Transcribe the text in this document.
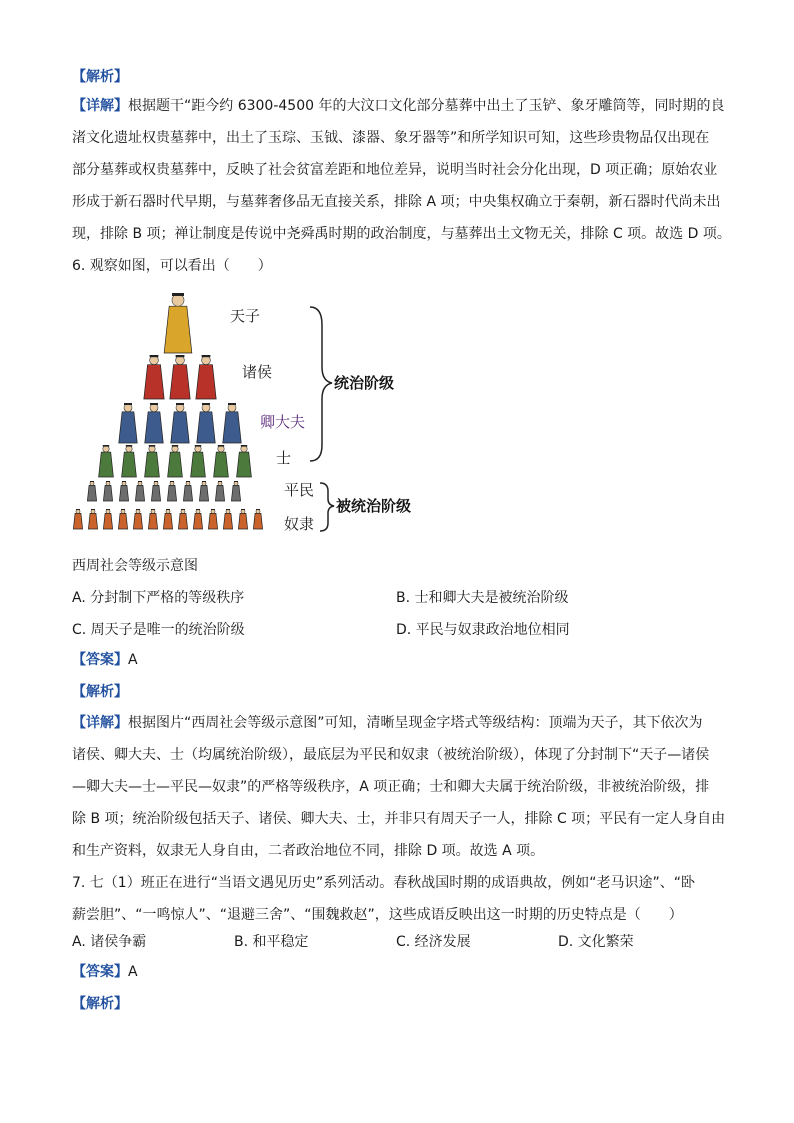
【解析】
【详解】根据题干“距今约 6300-4500 年的大汶口文化部分墓葬中出土了玉铲、象牙雕筒等，同时期的良
渚文化遗址权贵墓葬中，出土了玉琮、玉钺、漆器、象牙器等”和所学知识可知，这些珍贵物品仅出现在
部分墓葬或权贵墓葬中，反映了社会贫富差距和地位差异，说明当时社会分化出现，D 项正确；原始农业
形成于新石器时代早期，与墓葬奢侈品无直接关系，排除 A 项；中央集权确立于秦朝，新石器时代尚未出
现，排除 B 项；禅让制度是传说中尧舜禹时期的政治制度，与墓葬出土文物无关，排除 C 项。故选 D 项。
6. 观察如图，可以看出（　　）
天子
诸侯
卿大夫
士
平民
奴隶
统治阶级
被统治阶级
西周社会等级示意图
A. 分封制下严格的等级秩序	B. 士和卿大夫是被统治阶级
C. 周天子是唯一的统治阶级	D. 平民与奴隶政治地位相同
【答案】A
【解析】
【详解】根据图片“西周社会等级示意图”可知，清晰呈现金字塔式等级结构：顶端为天子，其下依次为
诸侯、卿大夫、士（均属统治阶级），最底层为平民和奴隶（被统治阶级），体现了分封制下“天子—诸侯
—卿大夫—士—平民—奴隶”的严格等级秩序，A 项正确；士和卿大夫属于统治阶级，非被统治阶级，排
除 B 项；统治阶级包括天子、诸侯、卿大夫、士，并非只有周天子一人，排除 C 项；平民有一定人身自由
和生产资料，奴隶无人身自由，二者政治地位不同，排除 D 项。故选 A 项。
7. 七（1）班正在进行“当语文遇见历史”系列活动。春秋战国时期的成语典故，例如“老马识途”、“卧
薪尝胆”、“一鸣惊人”、“退避三舍”、“围魏救赵”，这些成语反映出这一时期的历史特点是（　　）
A. 诸侯争霸	B. 和平稳定	C. 经济发展	D. 文化繁荣
【答案】A
【解析】
